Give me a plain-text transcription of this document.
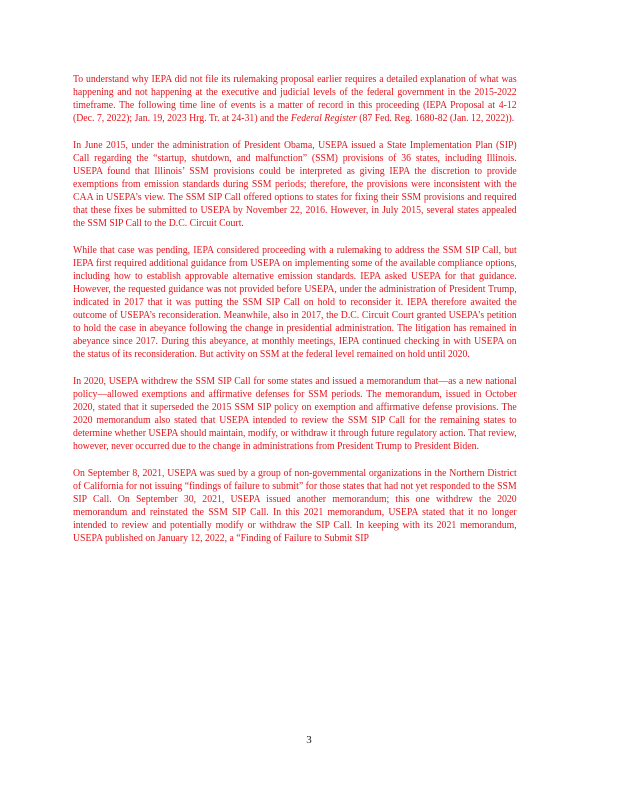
To understand why IEPA did not file its rulemaking proposal earlier requires a detailed explanation of what was happening and not happening at the executive and judicial levels of the federal government in the 2015-2022 timeframe. The following time line of events is a matter of record in this proceeding (IEPA Proposal at 4-12 (Dec. 7, 2022); Jan. 19, 2023 Hrg. Tr. at 24-31) and the Federal Register (87 Fed. Reg. 1680-82 (Jan. 12, 2022)).

In June 2015, under the administration of President Obama, USEPA issued a State Implementation Plan (SIP) Call regarding the “startup, shutdown, and malfunction” (SSM) provisions of 36 states, including Illinois. USEPA found that Illinois’ SSM provisions could be interpreted as giving IEPA the discretion to provide exemptions from emission standards during SSM periods; therefore, the provisions were inconsistent with the CAA in USEPA’s view. The SSM SIP Call offered options to states for fixing their SSM provisions and required that these fixes be submitted to USEPA by November 22, 2016. However, in July 2015, several states appealed the SSM SIP Call to the D.C. Circuit Court.

While that case was pending, IEPA considered proceeding with a rulemaking to address the SSM SIP Call, but IEPA first required additional guidance from USEPA on implementing some of the available compliance options, including how to establish approvable alternative emission standards. IEPA asked USEPA for that guidance. However, the requested guidance was not provided before USEPA, under the administration of President Trump, indicated in 2017 that it was putting the SSM SIP Call on hold to reconsider it. IEPA therefore awaited the outcome of USEPA’s reconsideration. Meanwhile, also in 2017, the D.C. Circuit Court granted USEPA’s petition to hold the case in abeyance following the change in presidential administration. The litigation has remained in abeyance since 2017. During this abeyance, at monthly meetings, IEPA continued checking in with USEPA on the status of its reconsideration. But activity on SSM at the federal level remained on hold until 2020.

In 2020, USEPA withdrew the SSM SIP Call for some states and issued a memorandum that—as a new national policy—allowed exemptions and affirmative defenses for SSM periods. The memorandum, issued in October 2020, stated that it superseded the 2015 SSM SIP policy on exemption and affirmative defense provisions. The 2020 memorandum also stated that USEPA intended to review the SSM SIP Call for the remaining states to determine whether USEPA should maintain, modify, or withdraw it through future regulatory action. That review, however, never occurred due to the change in administrations from President Trump to President Biden.

On September 8, 2021, USEPA was sued by a group of non-governmental organizations in the Northern District of California for not issuing “findings of failure to submit” for those states that had not yet responded to the SSM SIP Call. On September 30, 2021, USEPA issued another memorandum; this one withdrew the 2020 memorandum and reinstated the SSM SIP Call. In this 2021 memorandum, USEPA stated that it no longer intended to review and potentially modify or withdraw the SIP Call. In keeping with its 2021 memorandum, USEPA published on January 12, 2022, a “Finding of Failure to Submit SIP

3
